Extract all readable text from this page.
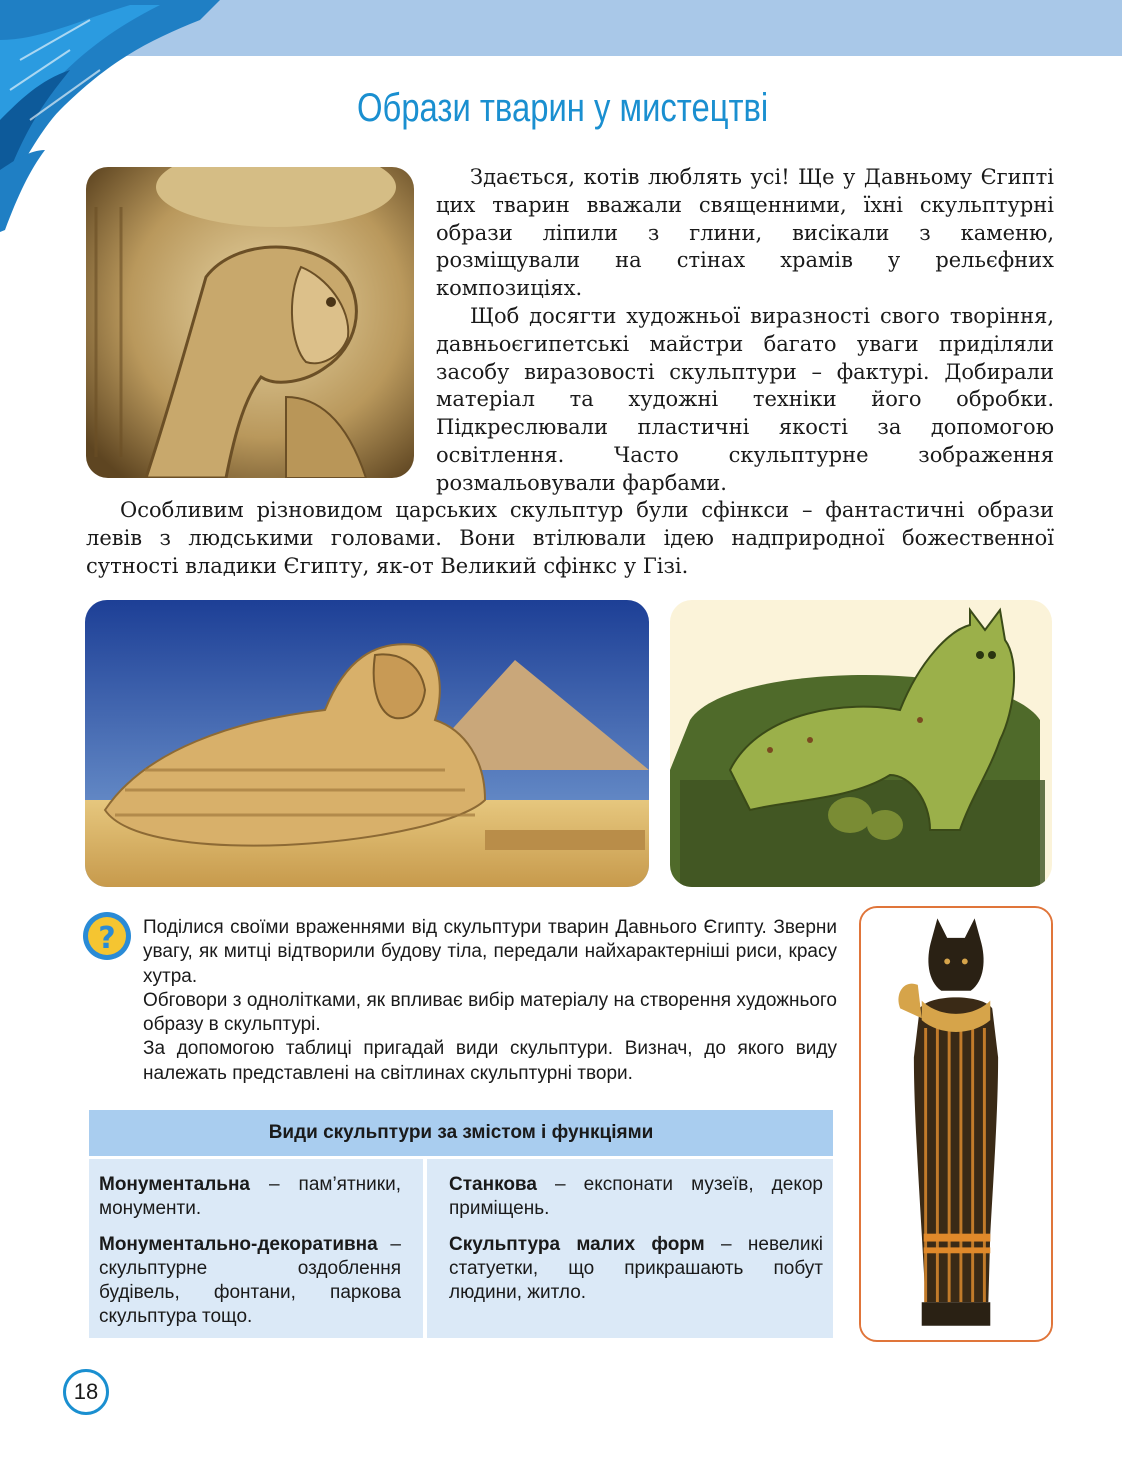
Образи тварин у мистецтві

Здається, котів люблять усі! Ще у Давньому Єгипті цих тварин вважали священними, їхні скульптурні образи ліпили з глини, висікали з каменю, розміщували на стінах храмів у рельєфних композиціях.

Щоб досягти художньої виразності свого творіння, давньоєгипетські майстри багато уваги приділяли засобу виразовості скульптури – фактурі. Добирали матеріал та художні техніки його обробки. Підкреслювали пластичні якості за допомогою освітлення. Часто скульптурне зображення розмальовували фарбами.

Особливим різновидом царських скульптур були сфінкси – фантастичні образи левів з людськими головами. Вони втілювали ідею надприродної божественної сутності владики Єгипту, як-от Великий сфінкс у Гізі.

? Поділися своїми враженнями від скульптури тварин Давнього Єгипту. Зверни увагу, як митці відтворили будову тіла, передали найхарактерніші риси, красу хутра.

Обговори з однолітками, як впливає вибір матеріалу на створення художнього образу в скульптурі.

За допомогою таблиці пригадай види скульптури. Визнач, до якого виду належать представлені на світлинах скульптурні твори.

Види скульптури за змістом і функціями

Монументальна – пам’ятники, монументи.

Монументально-декоративна – скульптурне оздоблення будівель, фонтани, паркова скульптура тощо.

Станкова – експонати музеїв, декор приміщень.

Скульптура малих форм – невеликі статуетки, що прикрашають побут людини, житло.

18
